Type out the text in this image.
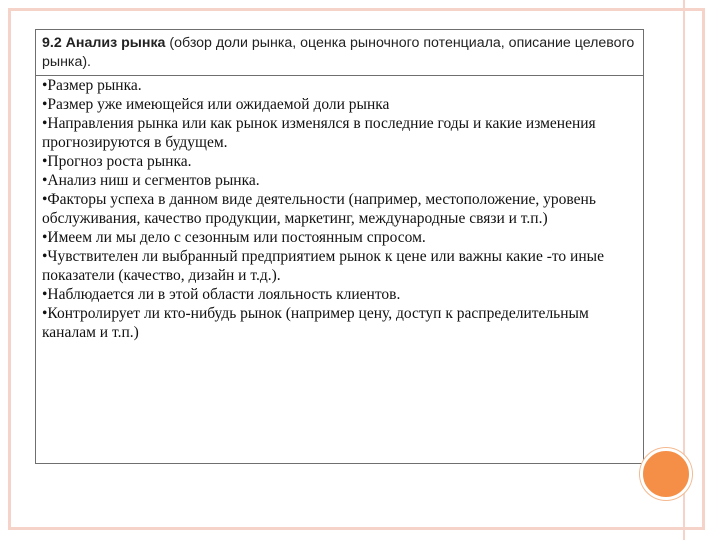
9.2 Анализ рынка (обзор доли рынка, оценка рыночного потенциала, описание целевого рынка).

•Размер рынка.

•Размер уже имеющейся или ожидаемой доли рынка

•Направления рынка или как рынок изменялся в последние годы и какие изменения прогнозируются в будущем.

•Прогноз роста рынка.

•Анализ ниш и сегментов рынка.

•Факторы успеха в данном виде деятельности (например, местоположение, уровень обслуживания, качество продукции, маркетинг, международные связи и т.п.)

•Имеем ли мы дело с сезонным или постоянным спросом.

•Чувствителен ли выбранный предприятием рынок к цене или важны какие -то иные показатели (качество, дизайн и т.д.).

•Наблюдается ли в этой области лояльность клиентов.

•Контролирует ли кто-нибудь рынок (например цену, доступ к распределительным каналам и т.п.)
